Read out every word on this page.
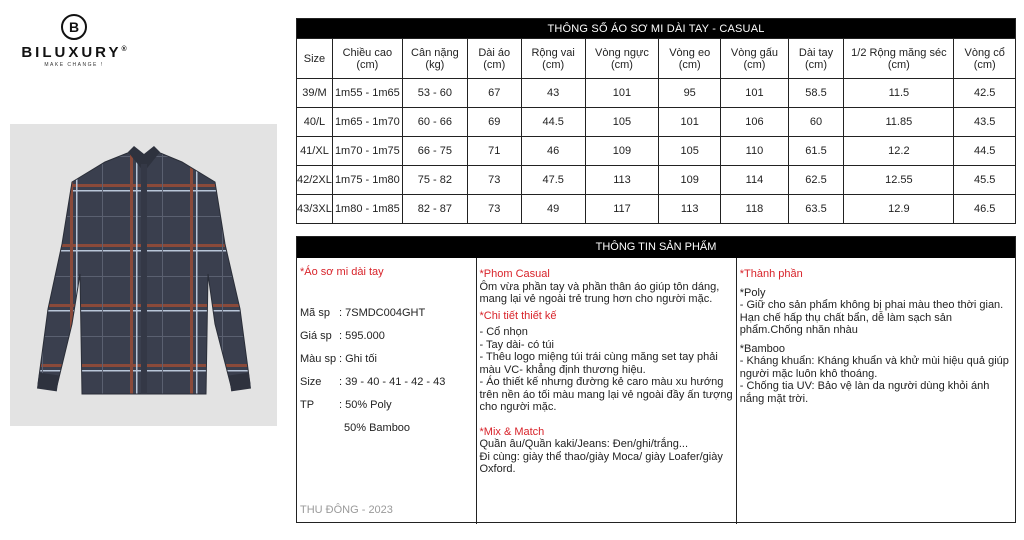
B
BILUXURY®
MAKE CHANGE !
THÔNG SỐ ÁO SƠ MI DÀI TAY - CASUAL										
Size	Chiều cao (cm)	Cân nặng (kg)	Dài áo (cm)	Rộng vai (cm)	Vòng ngực (cm)	Vòng eo (cm)	Vòng gấu (cm)	Dài tay (cm)	1/2 Rộng măng séc (cm)	Vòng cổ (cm)
39/M	1m55 - 1m65	53 - 60	67	43	101	95	101	58.5	11.5	42.5
40/L	1m65 - 1m70	60 - 66	69	44.5	105	101	106	60	11.85	43.5
41/XL	1m70 - 1m75	66 - 75	71	46	109	105	110	61.5	12.2	44.5
42/2XL	1m75 - 1m80	75 - 82	73	47.5	113	109	114	62.5	12.55	45.5
43/3XL	1m80 - 1m85	82 - 87	73	49	117	113	118	63.5	12.9	46.5
THÔNG TIN SẢN PHẨM
*Áo sơ mi dài tay
Mã sp : 7SMDC004GHT
Giá sp : 595.000
Màu sp : Ghi tối
Size	: 39 - 40 - 41 - 42 - 43
TP	: 50% Poly
50% Bamboo
THU ĐÔNG - 2023
*Phom Casual
Ôm vừa phần tay và phần thân áo giúp tôn dáng, mang lại vẻ ngoài trẻ trung hơn cho người mặc.
*Chi tiết thiết kế
- Cổ nhọn
- Tay dài- có túi
- Thêu logo miệng túi trái cùng măng set tay phải màu VC- khẳng định thương hiệu.
- Áo thiết kế nhưng đường kẻ caro màu xu hướng trên nền áo tối màu mang lại vẻ ngoài đầy ấn tượng cho người mặc.
*Mix & Match
Quần âu/Quần kaki/Jeans: Đen/ghi/trắng...
Đi cùng: giày thể thao/giày Moca/ giày Loafer/giày Oxford.
*Thành phần
*Poly
- Giữ cho sản phẩm không bị phai màu theo thời gian. Hạn chế hấp thụ chất bẩn, dễ làm sạch sản phẩm.Chống nhăn nhàu
*Bamboo
- Kháng khuẩn: Kháng khuẩn và khử mùi hiệu quả giúp người mặc luôn khô thoáng.
- Chống tia UV: Bảo vệ làn da người dùng khỏi ánh nắng mặt trời.
